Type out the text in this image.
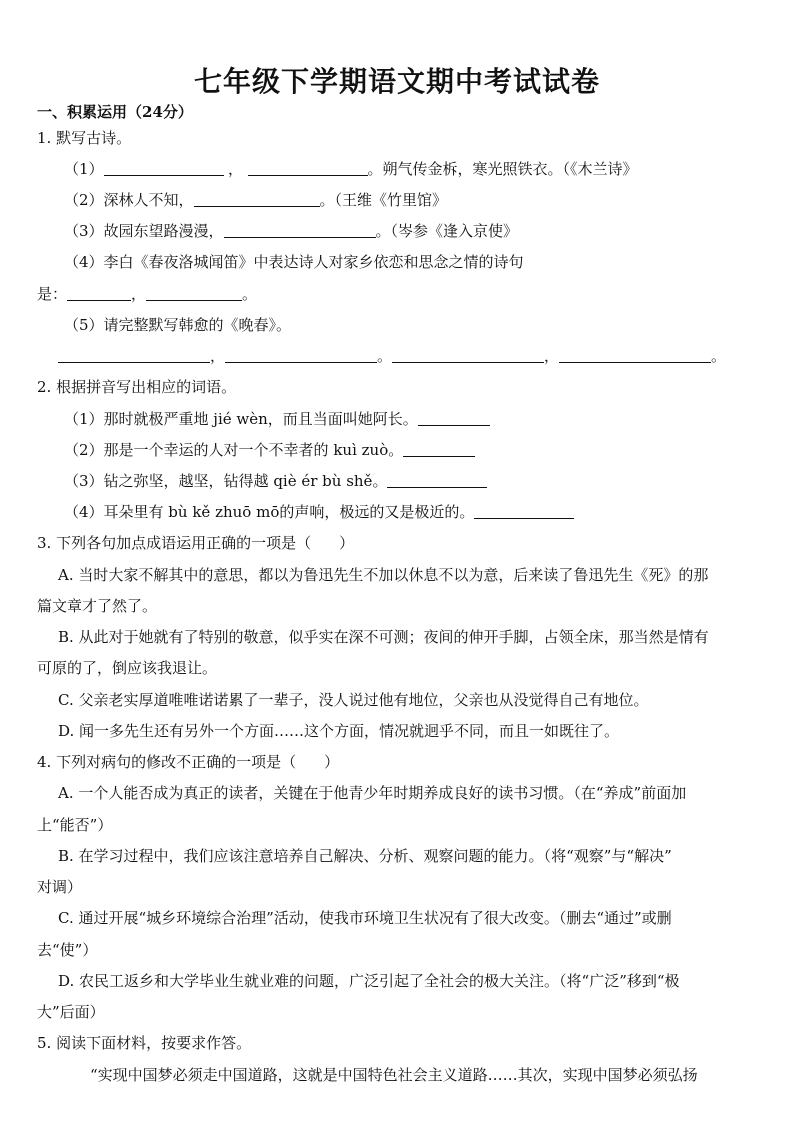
七年级下学期语文期中考试试卷
一、积累运用（24分）
1. 默写古诗。
（1）	，	。朔气传金柝，寒光照铁衣。（《木兰诗》
（2）深林人不知，	。（王维《竹里馆》
（3）故园东望路漫漫，	。（岑参《逢入京使》
（4）李白《春夜洛城闻笛》中表达诗人对家乡依恋和思念之情的诗句
是：	，	。
（5）请完整默写韩愈的《晚春》。
，	。	，	。
2. 根据拼音写出相应的词语。
（1）那时就极严重地 jié wèn，而且当面叫她阿长。
（2）那是一个幸运的人对一个不幸者的 kuì zuò。
（3）钻之弥坚，越坚，钻得越 qiè ér bù shě。
（4）耳朵里有 bù kě zhuō mō的声响，极远的又是极近的。
3. 下列各句加点成语运用正确的一项是（ ）
A. 当时大家不解其中的意思，都以为鲁迅先生不加以休息不以为意，后来读了鲁迅先生《死》的那
篇文章才了然了。
B. 从此对于她就有了特别的敬意，似乎实在深不可测；夜间的伸开手脚，占领全床，那当然是情有
可原的了，倒应该我退让。
C. 父亲老实厚道唯唯诺诺累了一辈子，没人说过他有地位，父亲也从没觉得自己有地位。
D. 闻一多先生还有另外一个方面……这个方面，情况就迥乎不同，而且一如既往了。
4. 下列对病句的修改不正确的一项是（ ）
A. 一个人能否成为真正的读者，关键在于他青少年时期养成良好的读书习惯。（在“养成”前面加
上“能否”）
B. 在学习过程中，我们应该注意培养自己解决、分析、观察问题的能力。（将“观察”与“解决”
对调）
C. 通过开展“城乡环境综合治理”活动，使我市环境卫生状况有了很大改变。（删去“通过”或删
去“使”）
D. 农民工返乡和大学毕业生就业难的问题，广泛引起了全社会的极大关注。（将“广泛”移到“极
大”后面）
5. 阅读下面材料，按要求作答。
“实现中国梦必须走中国道路，这就是中国特色社会主义道路……其次，实现中国梦必须弘扬
